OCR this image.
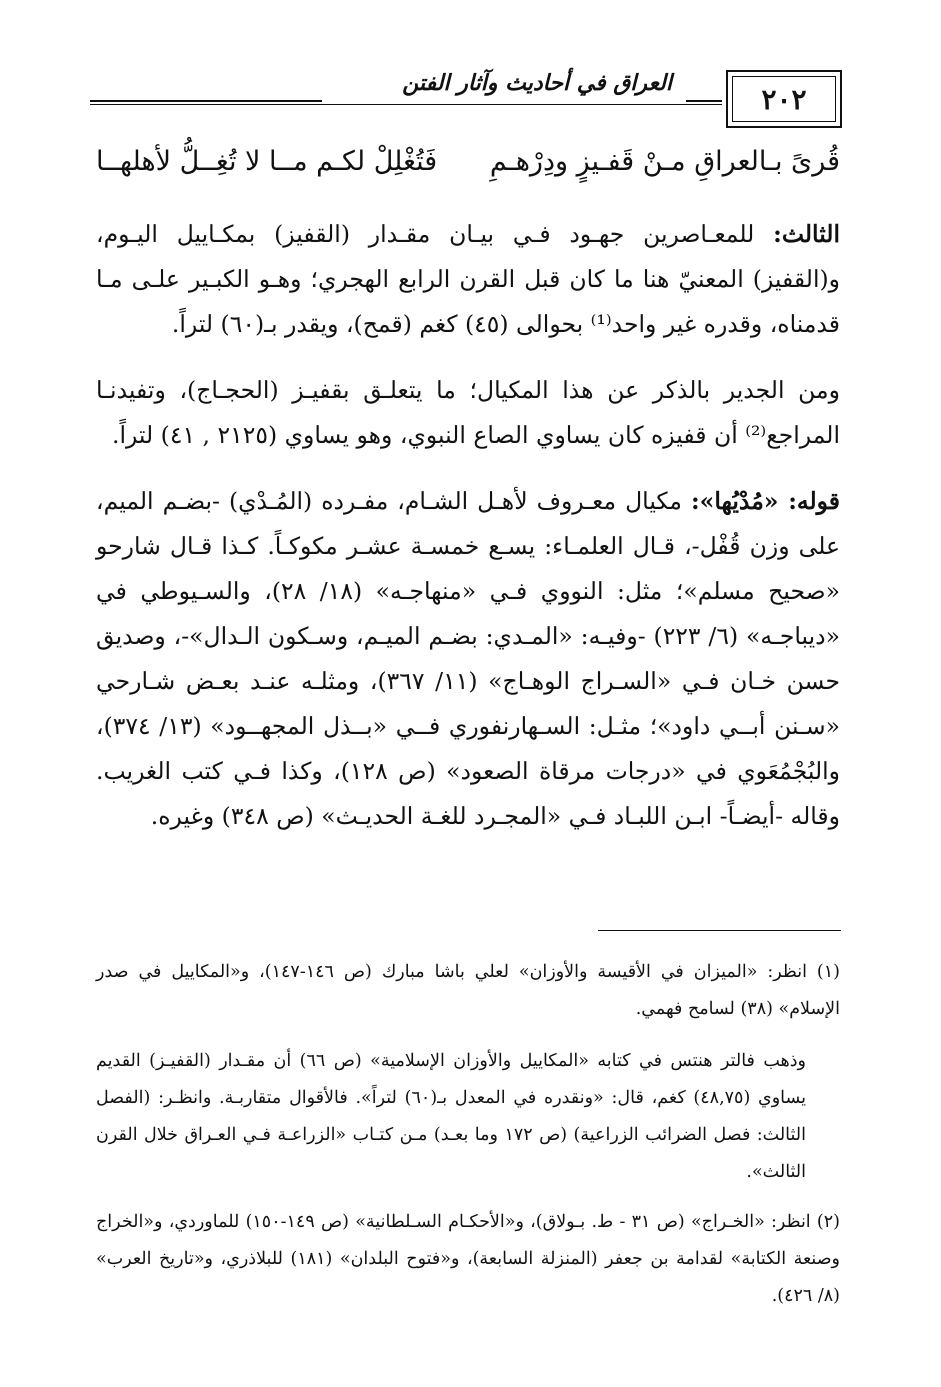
٢٠٢
العراق في أحاديث وآثار الفتن
قُرىً بـالعراقِ مـنْ قَفـيزٍ ودِرْهـمِ
فَتُغْلِلْ لكـم مــا لا تُغِــلُّ لأهلهــا
الثالث: للمعـاصرين جهـود فـي بيـان مقـدار (القفيز) بمكـاييل اليـوم، و(القفيز) المعنيّ هنا ما كان قبل القرن الرابع الهجري؛ وهـو الكبـير علـى مـا قدمناه، وقدره غير واحد⁽¹⁾ بحوالى (٤٥) كغم (قمح)، ويقدر بـ(٦٠) لتراً.
ومن الجدير بالذكر عن هذا المكيال؛ ما يتعلـق بقفيـز (الحجـاج)، وتفيدنـا المراجع⁽²⁾ أن قفيزه كان يساوي الصاع النبوي، وهو يساوي (٢١٢٥ , ٤١) لتراً.
قوله: «مُدْيُها»: مكيال معـروف لأهـل الشـام، مفـرده (المُـدْي) -بضـم الميم، على وزن قُفْل-، قـال العلمـاء: يسـع خمسـة عشـر مكوكـاً. كـذا قـال شارحو «صحيح مسلم»؛ مثل: النووي فـي «منهاجـه» (١٨/ ٢٨)، والسـيوطي في «ديباجـه» (٦/ ٢٢٣) -وفيـه: «المـدي: بضـم الميـم، وسـكون الـدال»-، وصديق حسن خـان فـي «السـراج الوهـاج» (١١/ ٣٦٧)، ومثلـه عنـد بعـض شـارحي «سـنن أبــي داود»؛ مثـل: السـهارنفوري فــي «بــذل المجهــود» (١٣/ ٣٧٤)، والبُجْمُعَوي في «درجات مرقاة الصعود» (ص ١٢٨)، وكذا فـي كتب الغريب. وقاله -أيضـاً- ابـن اللبـاد فـي «المجـرد للغـة الحديـث» (ص ٣٤٨) وغيره.
(١) انظر: «الميزان في الأقيسة والأوزان» لعلي باشا مبارك (ص ١٤٦-١٤٧)، و«المكاييل في صدر الإسلام» (٣٨) لسامح فهمي.
وذهب فالتر هنتس في كتابه «المكاييل والأوزان الإسلامية» (ص ٦٦) أن مقـدار (القفيـز) القديم يساوي (٤٨,٧٥) كغم، قال: «ونقدره في المعدل بـ(٦٠) لتراً». فالأقوال متقاربـة. وانظـر: (الفصل الثالث: فصل الضرائب الزراعية) (ص ١٧٢ وما بعـد) مـن كتـاب «الزراعـة فـي العـراق خلال القرن الثالث».
(٢) انظر: «الخـراج» (ص ٣١ - ط. بـولاق)، و«الأحكـام السـلطانية» (ص ١٤٩-١٥٠) للماوردي، و«الخراج وصنعة الكتابة» لقدامة بن جعفر (المنزلة السابعة)، و«فتوح البلدان» (١٨١) للبلاذري، و«تاريخ العرب» (٨/ ٤٢٦).
